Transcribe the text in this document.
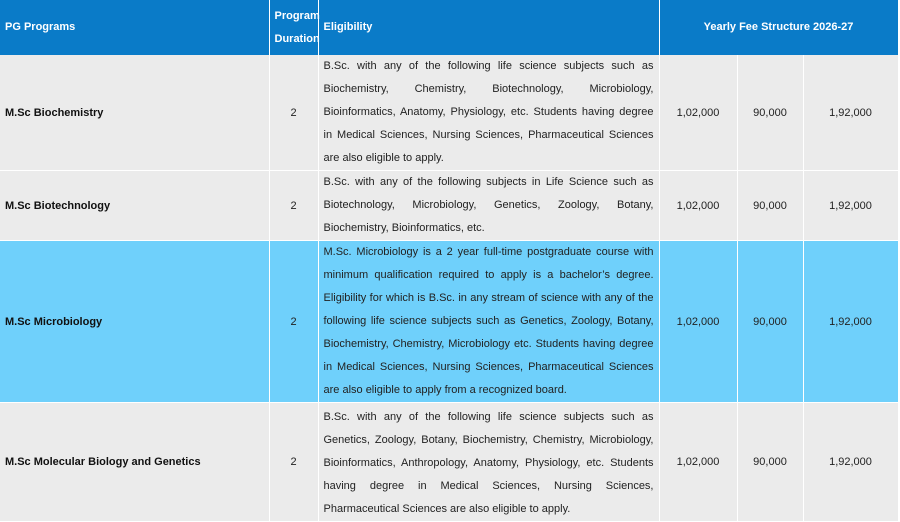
PG Programs	Program Duration	Eligibility	Yearly Fee Structure 2026-27		
M.Sc Biochemistry	2	B.Sc. with any of the following life science subjects such as Biochemistry, Chemistry, Biotechnology, Microbiology, Bioinformatics, Anatomy, Physiology, etc. Students having degree in Medical Sciences, Nursing Sciences, Pharmaceutical Sciences are also eligible to apply.	1,02,000	90,000	1,92,000
M.Sc Biotechnology	2	B.Sc. with any of the following subjects in Life Science such as Biotechnology, Microbiology, Genetics, Zoology, Botany, Biochemistry, Bioinformatics, etc.	1,02,000	90,000	1,92,000
M.Sc Microbiology	2	M.Sc. Microbiology is a 2 year full-time postgraduate course with minimum qualification required to apply is a bachelor’s degree. Eligibility for which is B.Sc. in any stream of science with any of the following life science subjects such as Genetics, Zoology, Botany, Biochemistry, Chemistry, Microbiology etc. Students having degree in Medical Sciences, Nursing Sciences, Pharmaceutical Sciences are also eligible to apply from a recognized board.	1,02,000	90,000	1,92,000
M.Sc Molecular Biology and Genetics	2	B.Sc. with any of the following life science subjects such as Genetics, Zoology, Botany, Biochemistry, Chemistry, Microbiology, Bioinformatics, Anthropology, Anatomy, Physiology, etc. Students having degree in Medical Sciences, Nursing Sciences, Pharmaceutical Sciences are also eligible to apply.	1,02,000	90,000	1,92,000
